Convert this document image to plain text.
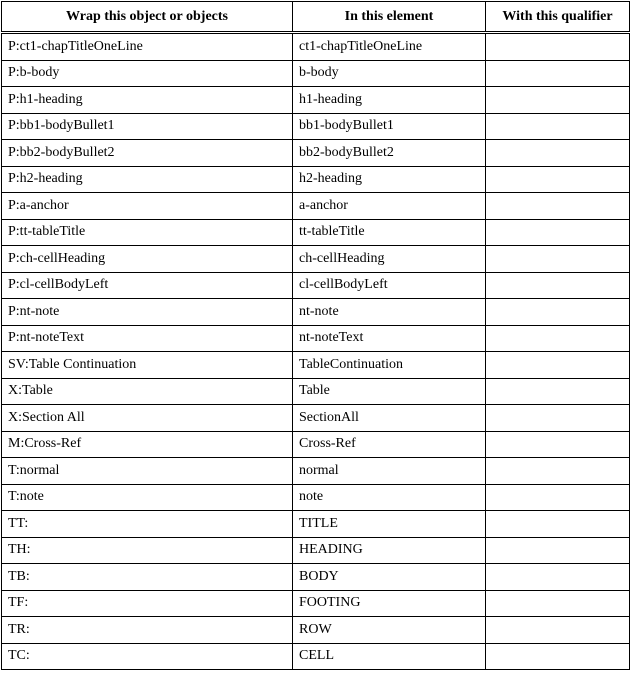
Wrap this object or objects	In this element	With this qualifier
P:ct1-chapTitleOneLine	ct1-chapTitleOneLine	
P:b-body	b-body	
P:h1-heading	h1-heading	
P:bb1-bodyBullet1	bb1-bodyBullet1	
P:bb2-bodyBullet2	bb2-bodyBullet2	
P:h2-heading	h2-heading	
P:a-anchor	a-anchor	
P:tt-tableTitle	tt-tableTitle	
P:ch-cellHeading	ch-cellHeading	
P:cl-cellBodyLeft	cl-cellBodyLeft	
P:nt-note	nt-note	
P:nt-noteText	nt-noteText	
SV:Table Continuation	TableContinuation	
X:Table	Table	
X:Section All	SectionAll	
M:Cross-Ref	Cross-Ref	
T:normal	normal	
T:note	note	
TT:	TITLE	
TH:	HEADING	
TB:	BODY	
TF:	FOOTING	
TR:	ROW	
TC:	CELL	
